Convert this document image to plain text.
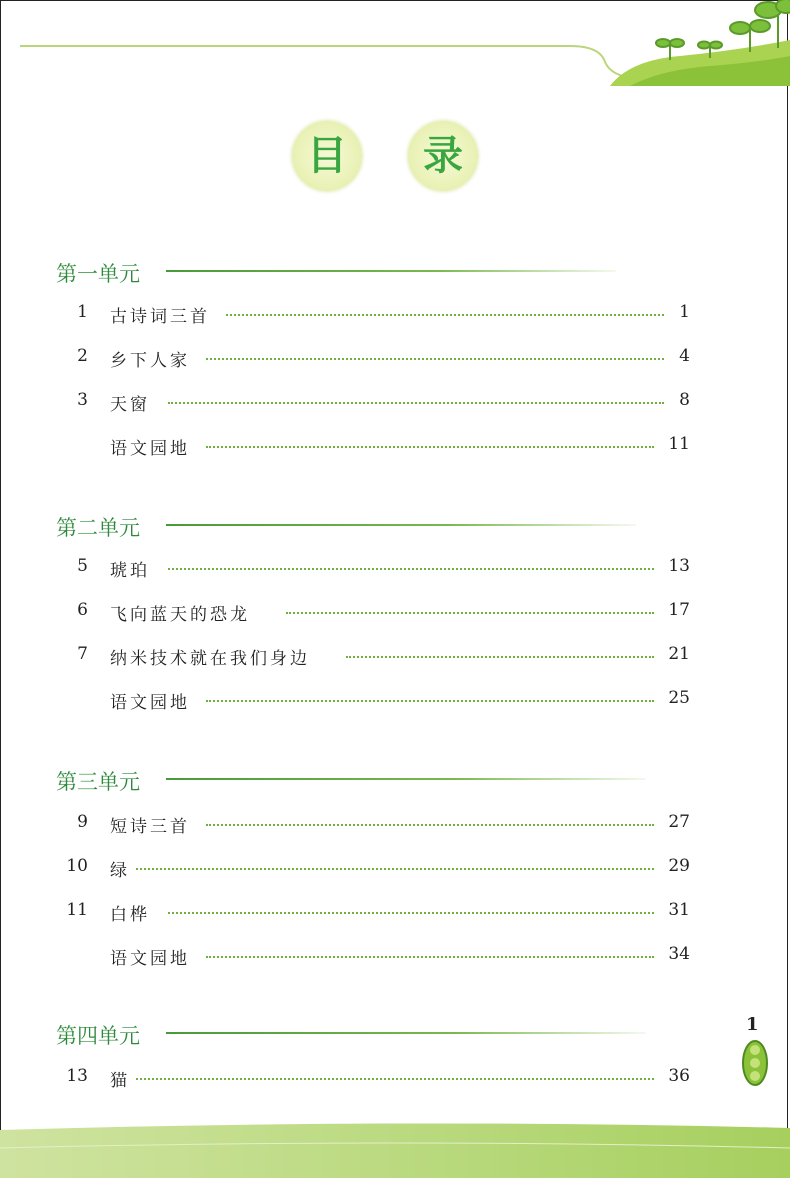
目	录
第一单元
1 古诗词三首	1
2 乡下人家	4
3 天窗	8
语文园地	11
第二单元
5 琥珀	13
6 飞向蓝天的恐龙	17
7 纳米技术就在我们身边	21
语文园地	25
第三单元
9 短诗三首	27
10 绿	29
11 白桦	31
语文园地	34
第四单元
13 猫	36
1
